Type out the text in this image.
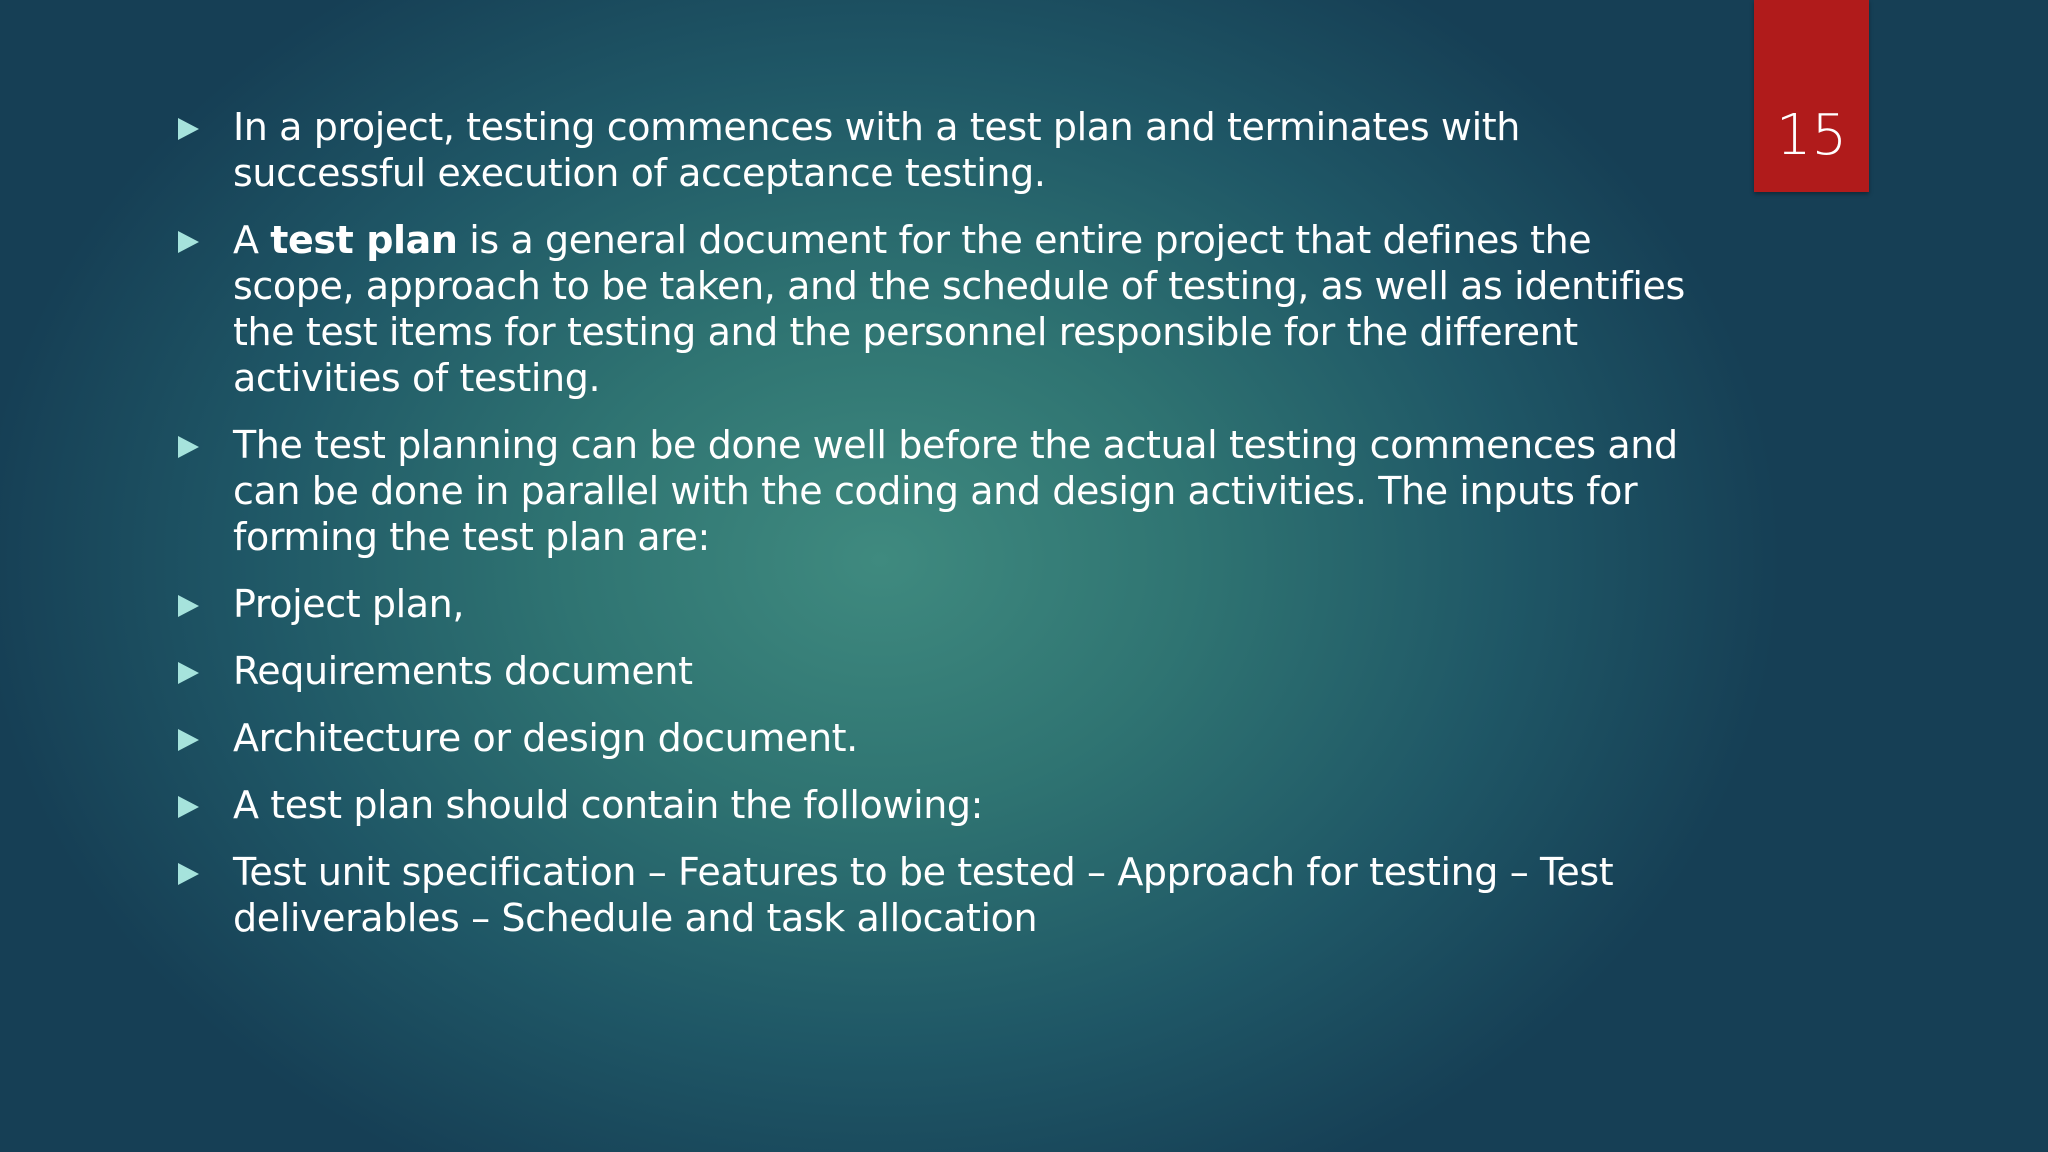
15
In a project, testing commences with a test plan and terminates with successful execution of acceptance testing.
A test plan is a general document for the entire project that defines the scope, approach to be taken, and the schedule of testing, as well as identifies the test items for testing and the personnel responsible for the different activities of testing.
The test planning can be done well before the actual testing commences and can be done in parallel with the coding and design activities. The inputs for forming the test plan are:
Project plan,
Requirements document
Architecture or design document.
A test plan should contain the following:
Test unit specification – Features to be tested – Approach for testing – Test deliverables – Schedule and task allocation
